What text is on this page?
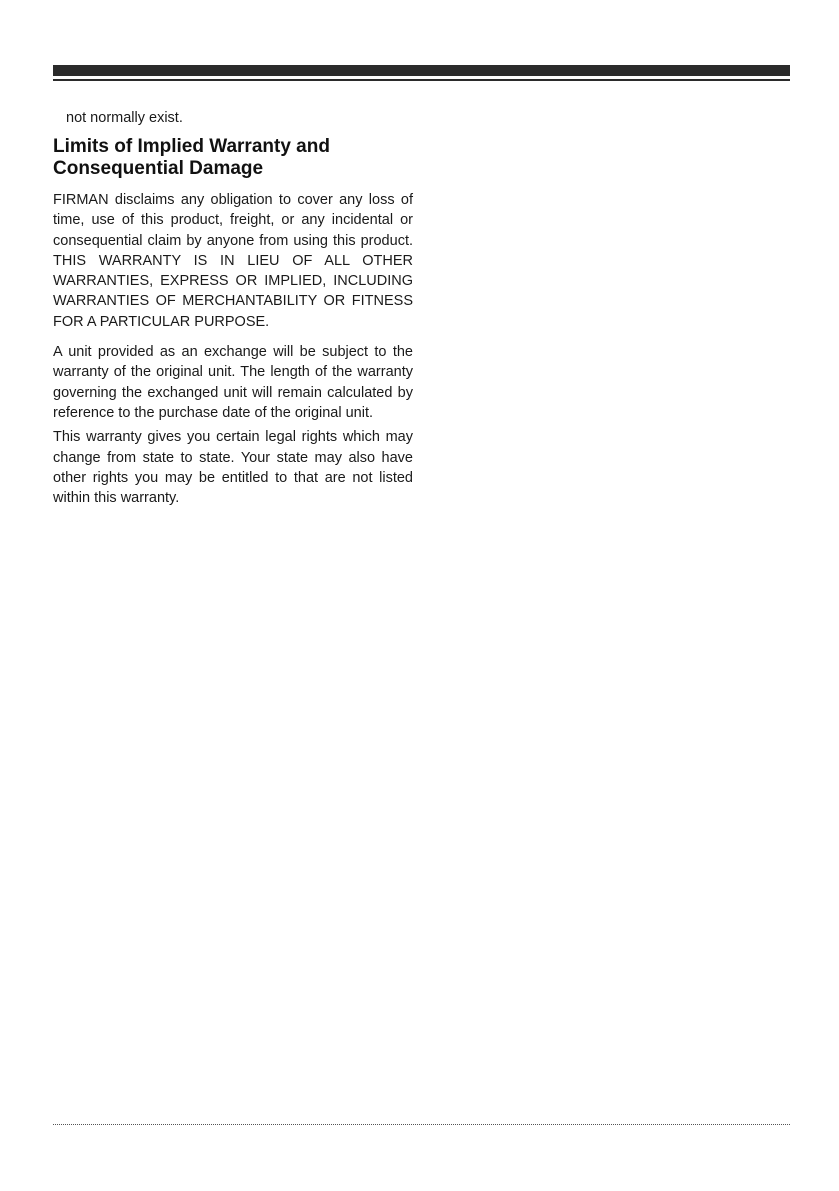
not normally exist.

Limits of Implied Warranty and
Consequential Damage

FIRMAN disclaims any obligation to cover any loss of time, use of this product, freight, or any incidental or consequential claim by anyone from using this product. THIS WARRANTY IS IN LIEU OF ALL OTHER WARRANTIES, EXPRESS OR IMPLIED, INCLUDING WARRANTIES OF MERCHANTABILITY OR FITNESS FOR A PARTICULAR PURPOSE.

A unit provided as an exchange will be subject to the warranty of the original unit. The length of the warranty governing the exchanged unit will remain calculated by reference to the purchase date of the original unit.

This warranty gives you certain legal rights which may change from state to state. Your state may also have other rights you may be entitled to that are not listed within this warranty.
